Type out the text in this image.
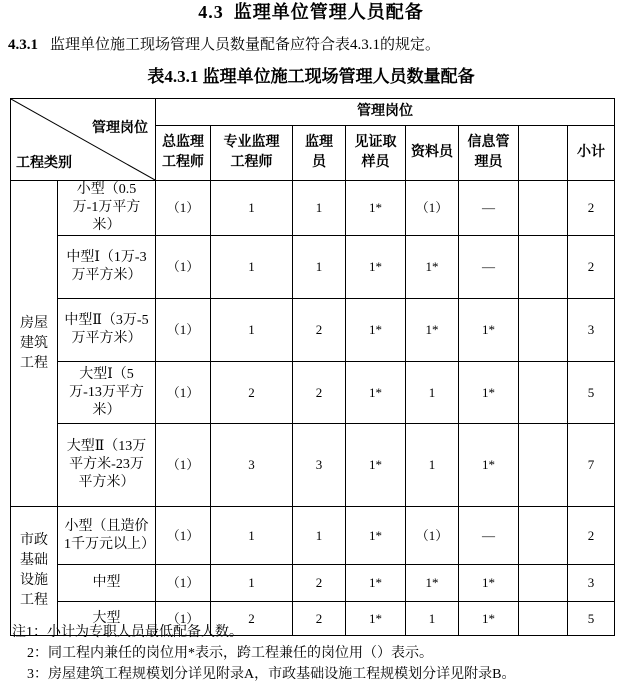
4.3 监理单位管理人员配备
4.3.1 监理单位施工现场管理人员数量配备应符合表4.3.1的规定。
表4.3.1 监理单位施工现场管理人员数量配备
管理岗位
工程类别		管理岗位							
		总监理工程师	专业监理工程师	监理员	见证取样员	资料员	信息管理员		小计
房屋建筑工程	小型（0.5万-1万平方米）	（1）	1	1	1*	（1）	—		2
	中型Ⅰ（1万-3万平方米）	（1）	1	1	1*	1*	—		2
	中型Ⅱ（3万-5万平方米）	（1）	1	2	1*	1*	1*		3
	大型Ⅰ（5万-13万平方米）	（1）	2	2	1*	1	1*		5
	大型Ⅱ（13万平方米-23万平方米）	（1）	3	3	1*	1	1*		7
市政基础设施工程	小型（且造价1千万元以上）	（1）	1	1	1*	（1）	—		2
	中型	（1）	1	2	1*	1*	1*		3
	大型	（1）	2	2	1*	1	1*		5
注1：小计为专职人员最低配备人数。
2：同工程内兼任的岗位用*表示，跨工程兼任的岗位用（）表示。
3：房屋建筑工程规模划分详见附录A，市政基础设施工程规模划分详见附录B。
